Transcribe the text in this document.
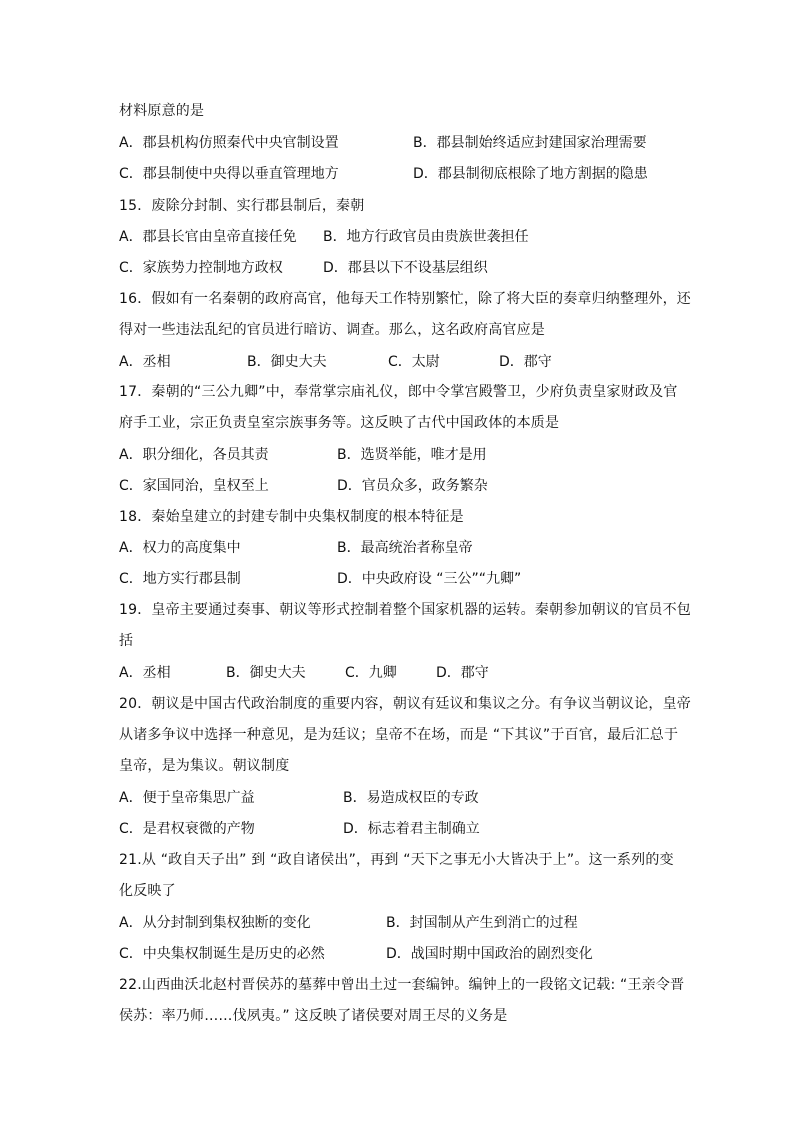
材料原意的是
A．郡县机构仿照秦代中央官制设置	B．郡县制始终适应封建国家治理需要
C．郡县制使中央得以垂直管理地方	D．郡县制彻底根除了地方割据的隐患
15．废除分封制、实行郡县制后，秦朝
A．郡县长官由皇帝直接任免 B．地方行政官员由贵族世袭担任
C．家族势力控制地方政权	D．郡县以下不设基层组织
16．假如有一名秦朝的政府高官，他每天工作特别繁忙，除了将大臣的奏章归纳整理外，还
得对一些违法乱纪的官员进行暗访、调查。那么，这名政府高官应是
A．丞相	B．御史大夫	C．太尉	D．郡守
17．秦朝的“三公九卿”中，奉常掌宗庙礼仪，郎中令掌宫殿警卫，少府负责皇家财政及官
府手工业，宗正负责皇室宗族事务等。这反映了古代中国政体的本质是
A．职分细化，各员其责	B．选贤举能，唯才是用
C．家国同治，皇权至上	D．官员众多，政务繁杂
18．秦始皇建立的封建专制中央集权制度的根本特征是
A．权力的高度集中	B．最高统治者称皇帝
C．地方实行郡县制	D．中央政府设 “三公”“九卿”
19．皇帝主要通过奏事、朝议等形式控制着整个国家机器的运转。秦朝参加朝议的官员不包
括
A．丞相	B．御史大夫	C．九卿	D．郡守
20．朝议是中国古代政治制度的重要内容，朝议有廷议和集议之分。有争议当朝议论，皇帝
从诸多争议中选择一种意见，是为廷议；皇帝不在场，而是 “下其议”于百官，最后汇总于
皇帝，是为集议。朝议制度
A．便于皇帝集思广益	B．易造成权臣的专政
C．是君权衰微的产物	D．标志着君主制确立
21.从 “政自天子出” 到 “政自诸侯出”，再到 “天下之事无小大皆决于上”。这一系列的变
化反映了
A．从分封制到集权独断的变化	B．封国制从产生到消亡的过程
C．中央集权制诞生是历史的必然	D．战国时期中国政治的剧烈变化
22.山西曲沃北赵村晋侯苏的墓葬中曾出土过一套编钟。编钟上的一段铭文记载: “王亲令晋
侯苏：率乃师……伐夙夷。” 这反映了诸侯要对周王尽的义务是
